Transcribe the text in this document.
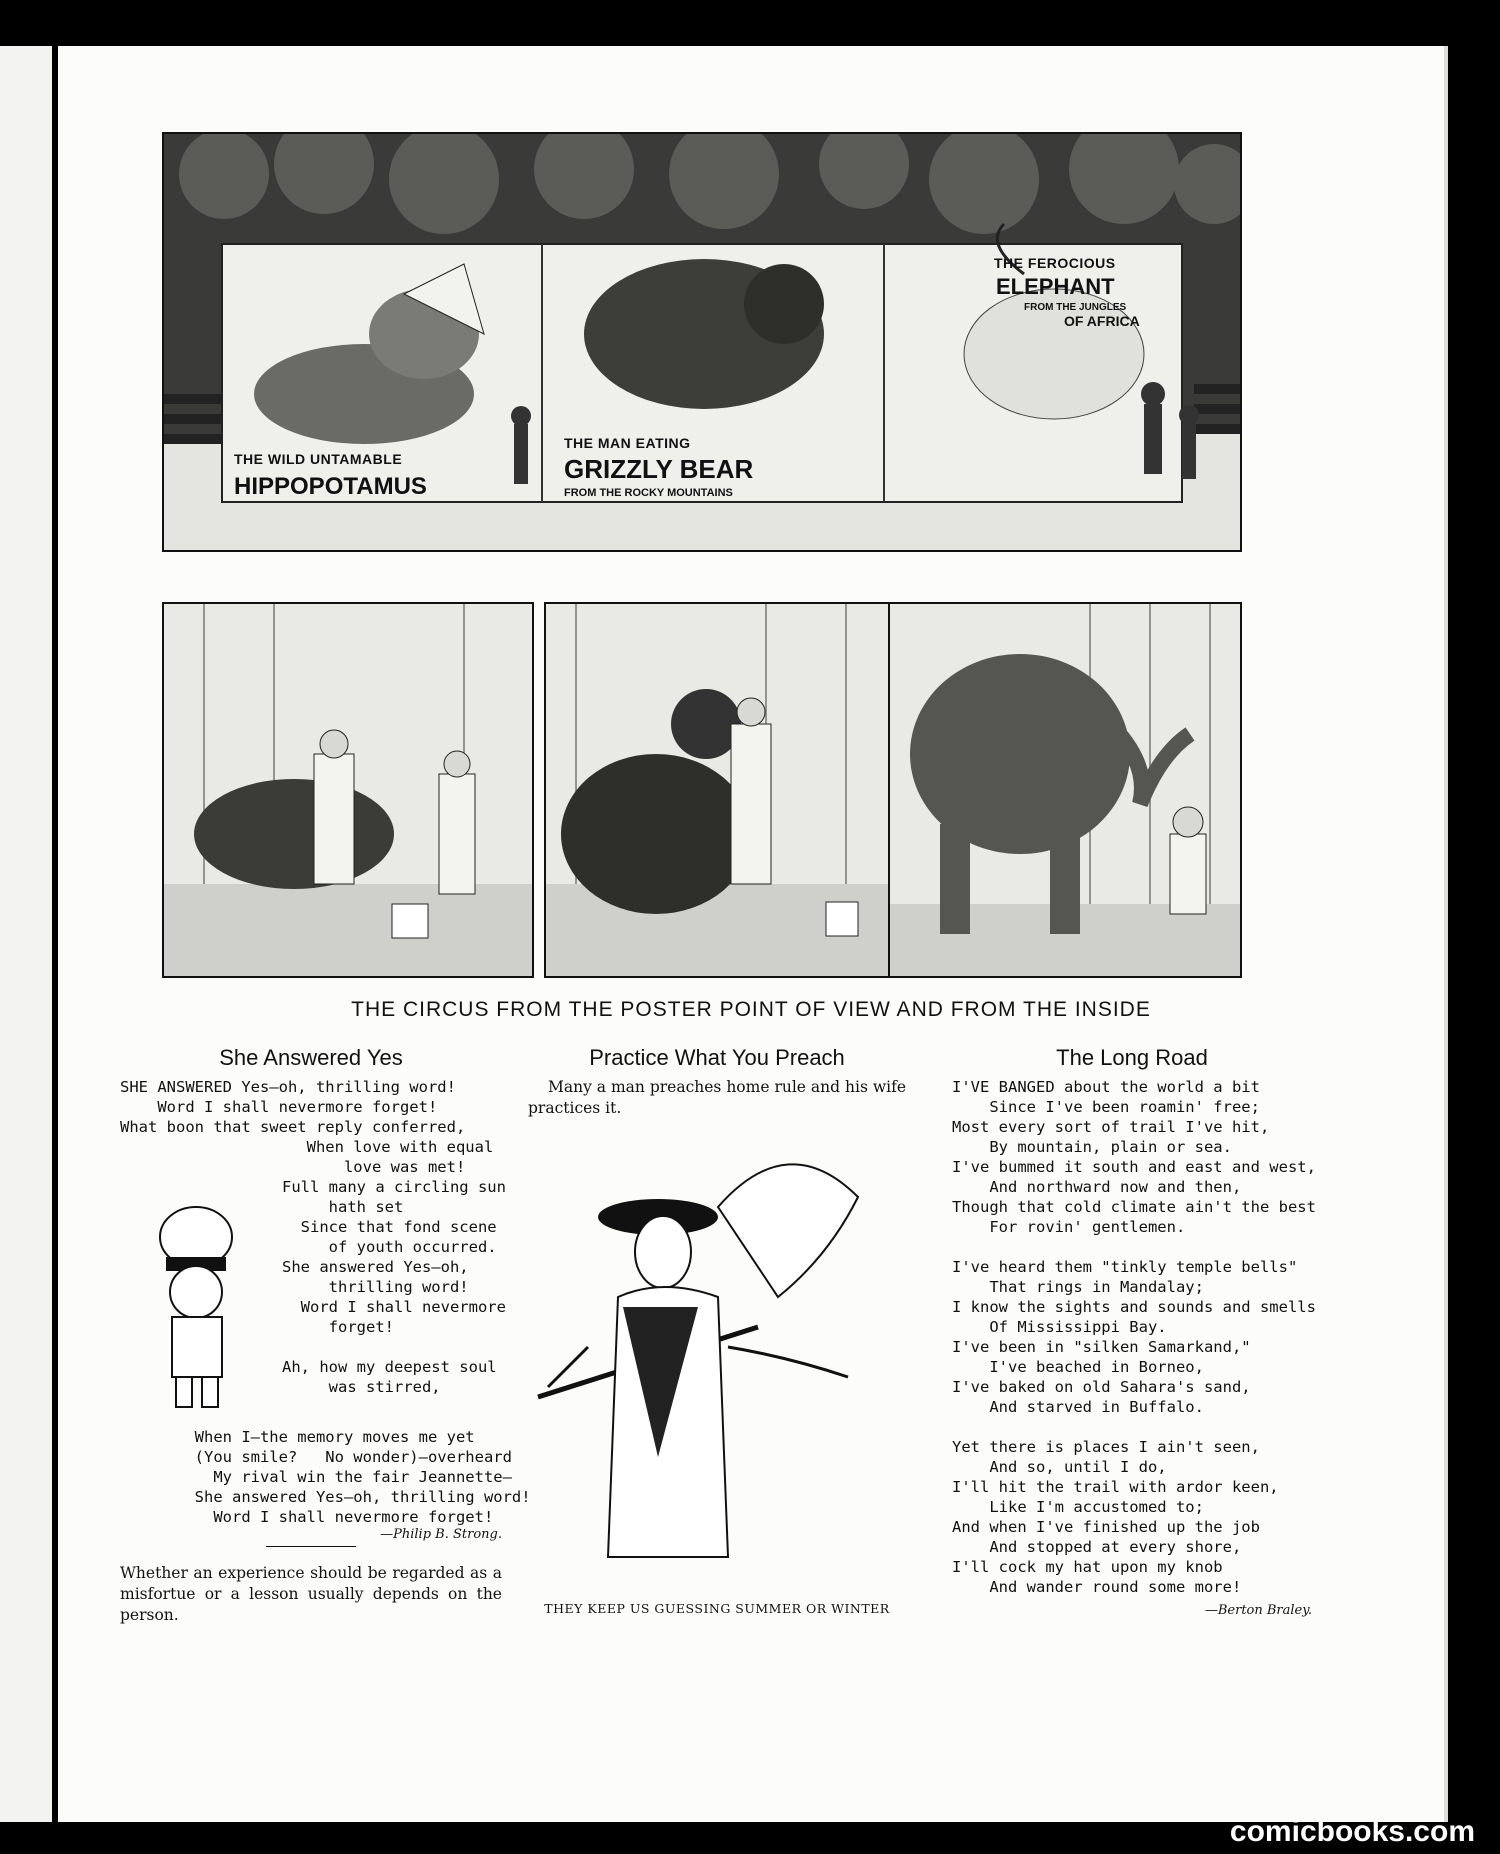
THE WILD UNTAMABLE
HIPPOPOTAMUS
THE MAN EATING
GRIZZLY BEAR
FROM THE ROCKY MOUNTAINS
THE FEROCIOUS
ELEPHANT
FROM THE JUNGLES
OF AFRICA
THE CIRCUS FROM THE POSTER POINT OF VIEW AND FROM THE INSIDE
She Answered Yes
SHE ANSWERED Yes—oh, thrilling word!
Word I shall nevermore forget!
What boon that sweet reply conferred,
When love with equal
love was met!
Full many a circling sun
hath set
Since that fond scene
of youth occurred.
She answered Yes—oh,
thrilling word!
Word I shall nevermore
forget!

Ah, how my deepest soul
was stirred,
When I—the memory moves me yet
(You smile?   No wonder)—overheard
My rival win the fair Jeannette—
She answered Yes—oh, thrilling
Word I shall nevermore forget!
—Philip B. Strong.

Whether an experience should be regarded as a misfortue or a lesson usually depends on the person.

Practice What You Preach

Many a man preaches home rule and his wife practices it.

THEY KEEP US GUESSING SUMMER OR WINTER
The Long Road
I'VE BANGED about the world a bit
Since I've been roamin' free;
Most every sort of trail I've hit,
By mountain, plain or sea.
I've bummed it south and east and west,
And northward now and then,
Though that cold climate ain't the best
For rovin' gentlemen.

I've heard them "tinkly temple bells"
That rings in Mandalay;
I know the sights and sounds and smells
Of Mississippi Bay.
I've been in "silken Samarkand,"
I've beached in Borneo,
I've baked on old Sahara's sand,
And starved in Buffalo.

Yet there is places I ain't seen,
And so, until I do,
I'll hit the trail with ardor keen,
Like I'm accustomed to;
And when I've finished up the job
And stopped at every shore,
I'll cock my hat upon my knob
And wander round some more!
—Berton Braley.
comicbooks.com
